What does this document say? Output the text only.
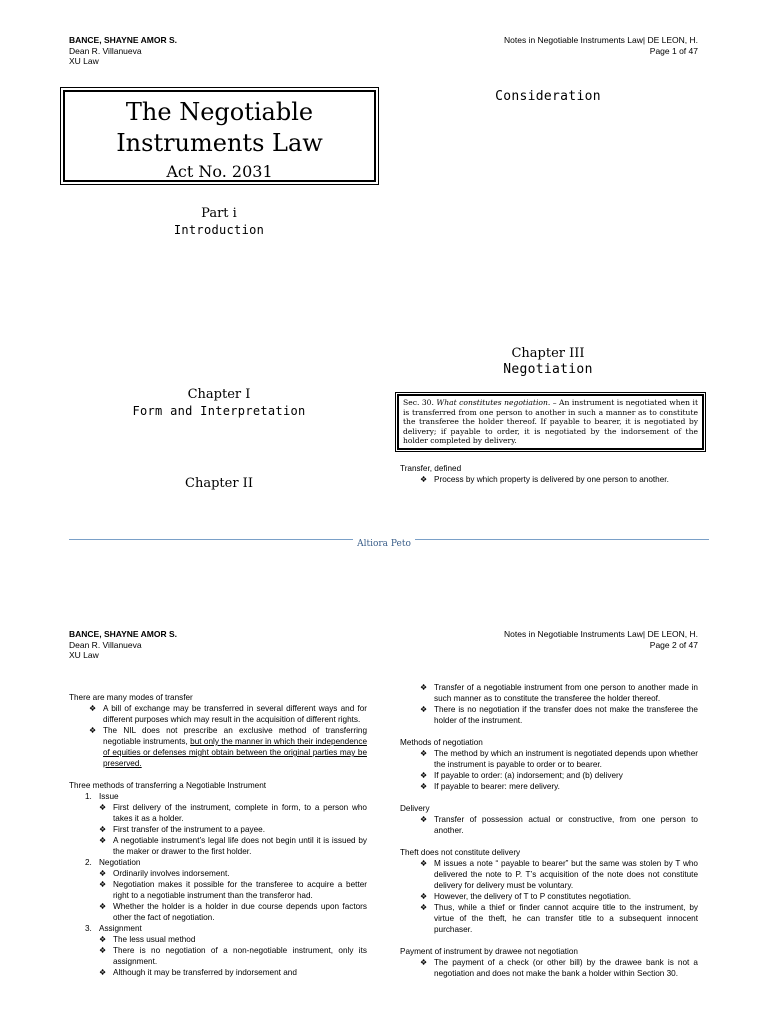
BANCE, SHAYNE AMOR S.
Dean R. Villanueva
XU Law
Notes in Negotiable Instruments Law| DE LEON, H.
Page 1 of 47
The Negotiable
Instruments Law
Act No. 2031
Part i
Introduction
Chapter I
Form and Interpretation
Chapter II
Consideration
Chapter III
Negotiation
Sec. 30. What constitutes negotiation. – An instrument is negotiated when it is transferred from one person to another in such a manner as to constitute the transferee the holder thereof. If payable to bearer, it is negotiated by delivery; if payable to order, it is negotiated by the indorsement of the holder completed by delivery.
Transfer, defined
❖ Process by which property is delivered by one person to another.
Altiora Peto
BANCE, SHAYNE AMOR S.
Dean R. Villanueva
XU Law
Notes in Negotiable Instruments Law| DE LEON, H.
Page 2 of 47
There are many modes of transfer
❖ A bill of exchange may be transferred in several different ways and for different purposes which may result in the acquisition of different rights.
❖ The NIL does not prescribe an exclusive method of transferring negotiable instruments, but only the manner in which their independence of equities or defenses might obtain between the original parties may be preserved.
Three methods of transferring a Negotiable Instrument
1. Issue
❖ First delivery of the instrument, complete in form, to a person who takes it as a holder.
❖ First transfer of the instrument to a payee.
❖ A negotiable instrument’s legal life does not begin until it is issued by the maker or drawer to the first holder.
2. Negotiation
❖ Ordinarily involves indorsement.
❖ Negotiation makes it possible for the transferee to acquire a better right to a negotiable instrument than the transferor had.
❖ Whether the holder is a holder in due course depends upon factors other the fact of negotiation.
3. Assignment
❖ The less usual method
❖ There is no negotiation of a non-negotiable instrument, only its assignment.
❖ Although it may be transferred by indorsement and
❖ Transfer of a negotiable instrument from one person to another made in such manner as to constitute the transferee the holder thereof.
❖ There is no negotiation if the transfer does not make the transferee the holder of the instrument.
Methods of negotiation
❖ The method by which an instrument is negotiated depends upon whether the instrument is payable to order or to bearer.
❖ If payable to order: (a) indorsement; and (b) delivery
❖ If payable to bearer: mere delivery.
Delivery
❖ Transfer of possession actual or constructive, from one person to another.
Theft does not constitute delivery
❖ M issues a note “ payable to bearer” but the same was stolen by T who delivered the note to P. T’s acquisition of the note does not constitute delivery for delivery must be voluntary.
❖ However, the delivery of T to P constitutes negotiation.
❖ Thus, while a thief or finder cannot acquire title to the instrument, by virtue of the theft, he can transfer title to a subsequent innocent purchaser.
Payment of instrument by drawee not negotiation
❖ The payment of a check (or other bill) by the drawee bank is not a negotiation and does not make the bank a holder within Section 30.
